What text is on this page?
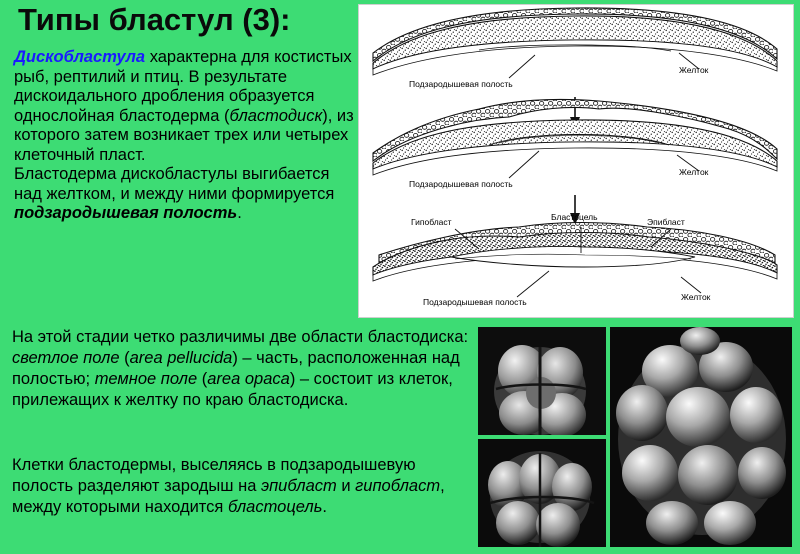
Типы бластул (3):

Дискобластула характерна для костистых рыб, рептилий и птиц. В результате дискоидального дробления образуется однослойная бластодерма (бластодиск), из которого затем возникает трех или четырех клеточный пласт.

Бластодерма дискобластулы выгибается над желтком, и между ними формируется подзародышевая полость.

На этой стадии четко различимы две области бластодиска: светлое поле (area pellucida) – часть, расположенная над полостью; темное поле (area opaca) – состоит из клеток, прилежащих к желтку по краю бластодиска.
Клетки бластодермы, выселяясь в подзародышевую полость разделяют зародыш на эпибласт и гипобласт, между которыми находится бластоцель.
Подзародышевая полость
Желток
Подзародышевая полость
Желток
Гипобласт	Бластоцель	Эпибласт
Подзародышевая полость	Желток
